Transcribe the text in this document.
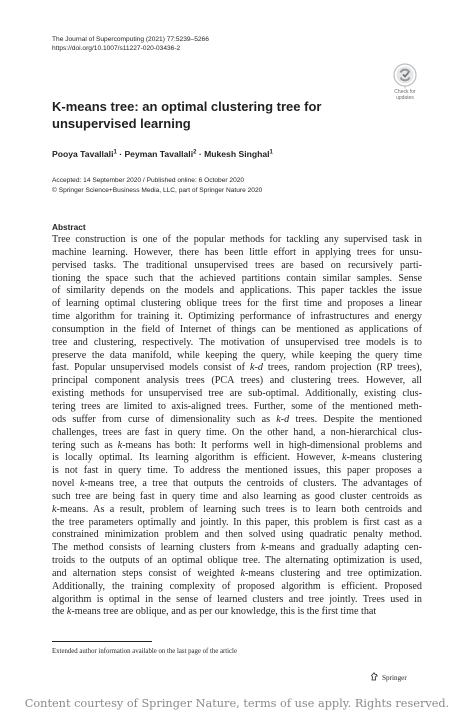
The Journal of Supercomputing (2021) 77:5239–5266
https://doi.org/10.1007/s11227-020-03436-2
Check for
updates
K-means tree: an optimal clustering tree for unsupervised learning
Pooya Tavallali$^1$ · Peyman Tavallali$^2$ · Mukesh Singhal$^1$
Accepted: 14 September 2020 / Published online: 6 October 2020
© Springer Science+Business Media, LLC, part of Springer Nature 2020
Abstract
Tree construction is one of the popular methods for tackling any supervised task in
machine learning. However, there has been little effort in applying trees for unsu-
pervised tasks. The traditional unsupervised trees are based on recursively parti-
tioning the space such that the achieved partitions contain similar samples. Sense
of similarity depends on the models and applications. This paper tackles the issue
of learning optimal clustering oblique trees for the first time and proposes a linear
time algorithm for training it. Optimizing performance of infrastructures and energy
consumption in the field of Internet of things can be mentioned as applications of
tree and clustering, respectively. The motivation of unsupervised tree models is to
preserve the data manifold, while keeping the query, while keeping the query time
fast. Popular unsupervised models consist of k-d trees, random projection (RP trees),
principal component analysis trees (PCA trees) and clustering trees. However, all
existing methods for unsupervised tree are sub-optimal. Additionally, existing clus-
tering trees are limited to axis-aligned trees. Further, some of the mentioned meth-
ods suffer from curse of dimensionality such as k-d trees. Despite the mentioned
challenges, trees are fast in query time. On the other hand, a non-hierarchical clus-
tering such as k-means has both: It performs well in high-dimensional problems and
is locally optimal. Its learning algorithm is efficient. However, k-means clustering
is not fast in query time. To address the mentioned issues, this paper proposes a
novel k-means tree, a tree that outputs the centroids of clusters. The advantages of
such tree are being fast in query time and also learning as good cluster centroids as
k-means. As a result, problem of learning such trees is to learn both centroids and
the tree parameters optimally and jointly. In this paper, this problem is first cast as a
constrained minimization problem and then solved using quadratic penalty method.
The method consists of learning clusters from k-means and gradually adapting cen-
troids to the outputs of an optimal oblique tree. The alternating optimization is used,
and alternation steps consist of weighted k-means clustering and tree optimization.
Additionally, the training complexity of proposed algorithm is efficient. Proposed
algorithm is optimal in the sense of learned clusters and tree jointly. Trees used in
the k-means tree are oblique, and as per our knowledge, this is the first time that
Extended author information available on the last page of the article
Springer
Content courtesy of Springer Nature, terms of use apply. Rights reserved.
